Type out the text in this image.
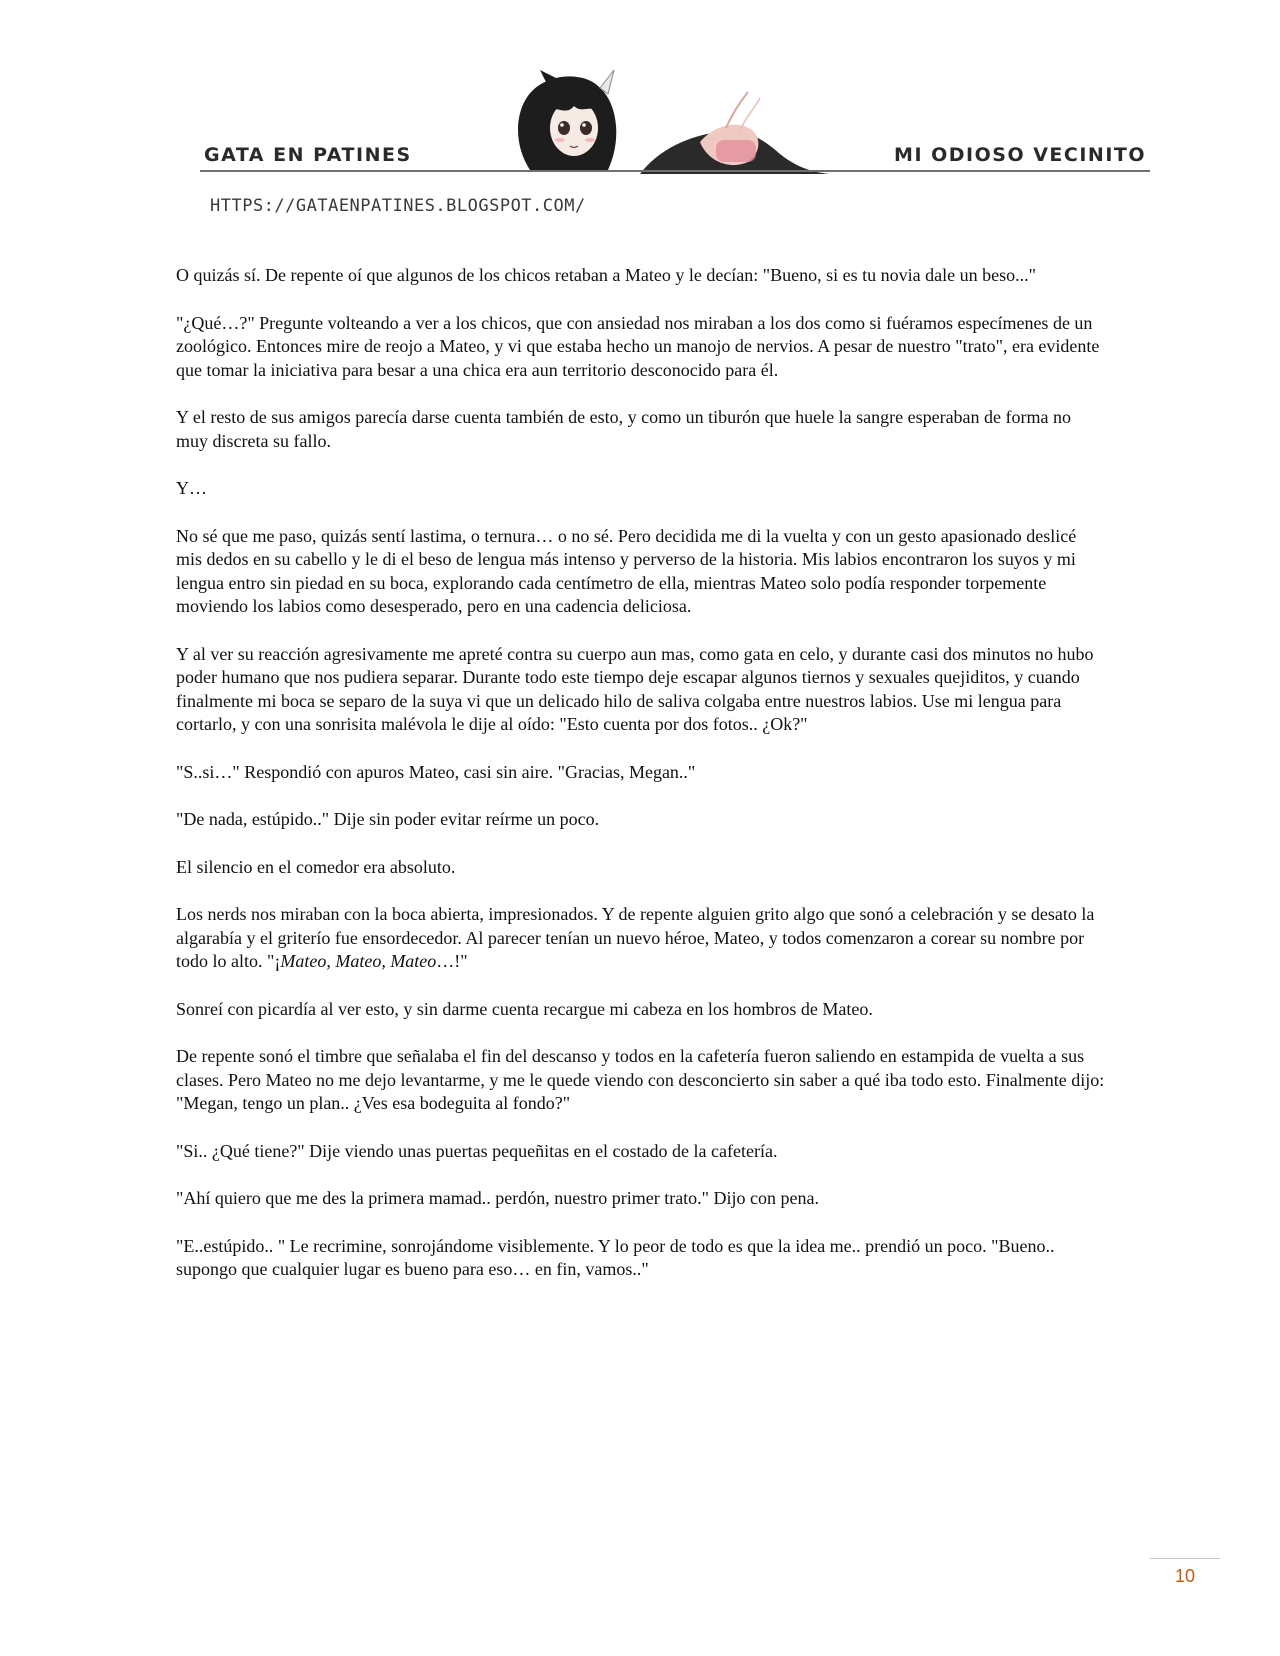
GATA EN PATINES	MI ODIOSO VECINITO
HTTPS://GATAENPATINES.BLOGSPOT.COM/

O quizás sí. De repente oí que algunos de los chicos retaban a Mateo y le decían: "Bueno, si es tu novia dale un beso..."

"¿Qué…?" Pregunte volteando a ver a los chicos, que con ansiedad nos miraban a los dos como si fuéramos especímenes de un zoológico. Entonces mire de reojo a Mateo, y vi que estaba hecho un manojo de nervios. A pesar de nuestro "trato", era evidente que tomar la iniciativa para besar a una chica era aun territorio desconocido para él.

Y el resto de sus amigos parecía darse cuenta también de esto, y como un tiburón que huele la sangre esperaban de forma no muy discreta su fallo.

Y…

No sé que me paso, quizás sentí lastima, o ternura… o no sé. Pero decidida me di la vuelta y con un gesto apasionado deslicé mis dedos en su cabello y le di el beso de lengua más intenso y perverso de la historia. Mis labios encontraron los suyos y mi lengua entro sin piedad en su boca, explorando cada centímetro de ella, mientras Mateo solo podía responder torpemente moviendo los labios como desesperado, pero en una cadencia deliciosa.

Y al ver su reacción agresivamente me apreté contra su cuerpo aun mas, como gata en celo, y durante casi dos minutos no hubo poder humano que nos pudiera separar. Durante todo este tiempo deje escapar algunos tiernos y sexuales quejiditos, y cuando finalmente mi boca se separo de la suya vi que un delicado hilo de saliva colgaba entre nuestros labios. Use mi lengua para cortarlo, y con una sonrisita malévola le dije al oído: "Esto cuenta por dos fotos.. ¿Ok?"

"S..si…" Respondió con apuros Mateo, casi sin aire. "Gracias, Megan.."

"De nada, estúpido.." Dije sin poder evitar reírme un poco.

El silencio en el comedor era absoluto.

Los nerds nos miraban con la boca abierta, impresionados. Y de repente alguien grito algo que sonó a celebración y se desato la algarabía y el griterío fue ensordecedor. Al parecer tenían un nuevo héroe, Mateo, y todos comenzaron a corear su nombre por todo lo alto. "¡Mateo, Mateo, Mateo…!"

Sonreí con picardía al ver esto, y sin darme cuenta recargue mi cabeza en los hombros de Mateo.

De repente sonó el timbre que señalaba el fin del descanso y todos en la cafetería fueron saliendo en estampida de vuelta a sus clases. Pero Mateo no me dejo levantarme, y me le quede viendo con desconcierto sin saber a qué iba todo esto. Finalmente dijo: "Megan, tengo un plan.. ¿Ves esa bodeguita al fondo?"

"Si.. ¿Qué tiene?" Dije viendo unas puertas pequeñitas en el costado de la cafetería.

"Ahí quiero que me des la primera mamad.. perdón, nuestro primer trato." Dijo con pena.

"E..estúpido.. " Le recrimine, sonrojándome visiblemente. Y lo peor de todo es que la idea me.. prendió un poco. "Bueno.. supongo que cualquier lugar es bueno para eso… en fin, vamos.."

10
